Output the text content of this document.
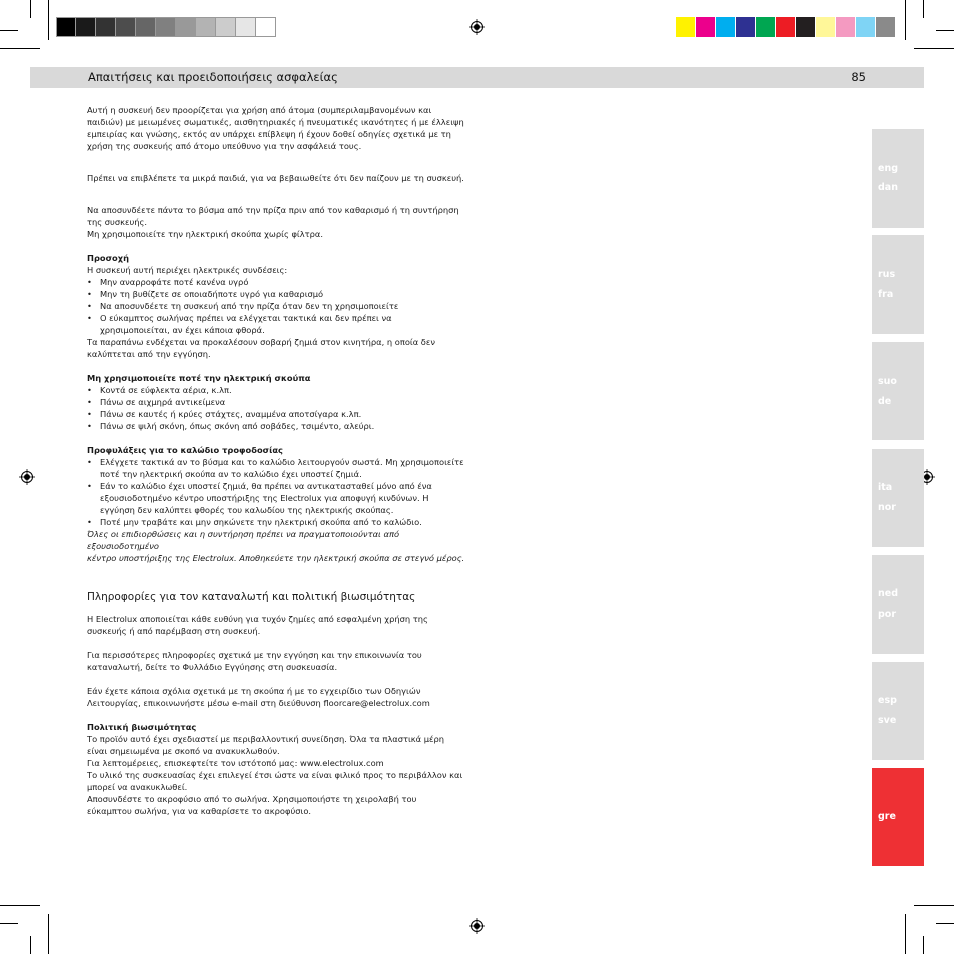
Απαιτήσεις και προειδοποιήσεις ασφαλείας	85

Αυτή η συσκευή δεν προορίζεται για χρήση από άτομα (συμπεριλαμβανομένων και

παιδιών) με μειωμένες σωματικές, αισθητηριακές ή πνευματικές ικανότητες ή με έλλειψη

εμπειρίας και γνώσης, εκτός αν υπάρχει επίβλεψη ή έχουν δοθεί οδηγίες σχετικά με τη

χρήση της συσκευής από άτομο υπεύθυνο για την ασφάλειά τους.

Πρέπει να επιβλέπετε τα μικρά παιδιά, για να βεβαιωθείτε ότι δεν παίζουν με τη συσκευή.

Να αποσυνδέετε πάντα το βύσμα από την πρίζα πριν από τον καθαρισμό ή τη συντήρηση

της συσκευής.

Μη χρησιμοποιείτε την ηλεκτρική σκούπα χωρίς φίλτρα.

Προσοχή

Η συσκευή αυτή περιέχει ηλεκτρικές συνδέσεις:

• Μην αναρροφάτε ποτέ κανένα υγρό
• Μην τη βυθίζετε σε οποιαδήποτε υγρό για καθαρισμό
• Να αποσυνδέετε τη συσκευή από την πρίζα όταν δεν τη χρησιμοποιείτε
• Ο εύκαμπτος σωλήνας πρέπει να ελέγχεται τακτικά και δεν πρέπει να
χρησιμοποιείται, αν έχει κάποια φθορά.

Τα παραπάνω ενδέχεται να προκαλέσουν σοβαρή ζημιά στον κινητήρα, η οποία δεν

καλύπτεται από την εγγύηση.

Μη χρησιμοποιείτε ποτέ την ηλεκτρική σκούπα

• Κοντά σε εύφλεκτα αέρια, κ.λπ.
• Πάνω σε αιχμηρά αντικείμενα
• Πάνω σε καυτές ή κρύες στάχτες, αναμμένα αποτσίγαρα κ.λπ.
• Πάνω σε ψιλή σκόνη, όπως σκόνη από σοβάδες, τσιμέντο, αλεύρι.

Προφυλάξεις για το καλώδιο τροφοδοσίας

• Ελέγχετε τακτικά αν το βύσμα και το καλώδιο λειτουργούν σωστά. Μη χρησιμοποιείτε
ποτέ την ηλεκτρική σκούπα αν το καλώδιο έχει υποστεί ζημιά.
• Εάν το καλώδιο έχει υποστεί ζημιά, θα πρέπει να αντικατασταθεί μόνο από ένα
εξουσιοδοτημένο κέντρο υποστήριξης της Electrolux για αποφυγή κινδύνων. Η
εγγύηση δεν καλύπτει φθορές του καλωδίου της ηλεκτρικής σκούπας.
• Ποτέ μην τραβάτε και μην σηκώνετε την ηλεκτρική σκούπα από το καλώδιο.

Όλες οι επιδιορθώσεις και η συντήρηση πρέπει να πραγματοποιούνται από εξουσιοδοτημένο

κέντρο υποστήριξης της Electrolux. Αποθηκεύετε την ηλεκτρική σκούπα σε στεγνό μέρος.

Πληροφορίες για τον καταναλωτή και πολιτική βιωσιμότητας

Η Electrolux αποποιείται κάθε ευθύνη για τυχόν ζημίες από εσφαλμένη χρήση της

συσκευής ή από παρέμβαση στη συσκευή.

Για περισσότερες πληροφορίες σχετικά με την εγγύηση και την επικοινωνία του

καταναλωτή, δείτε το Φυλλάδιο Εγγύησης στη συσκευασία.

Εάν έχετε κάποια σχόλια σχετικά με τη σκούπα ή με το εγχειρίδιο των Οδηγιών

Λειτουργίας, επικοινωνήστε μέσω e-mail στη διεύθυνση floorcare@electrolux.com

Πολιτική βιωσιμότητας

Το προϊόν αυτό έχει σχεδιαστεί με περιβαλλοντική συνείδηση. Όλα τα πλαστικά μέρη

είναι σημειωμένα με σκοπό να ανακυκλωθούν.

Για λεπτομέρειες, επισκεφτείτε τον ιστότοπό μας: www.electrolux.com

Το υλικό της συσκευασίας έχει επιλεγεί έτσι ώστε να είναι φιλικό προς το περιβάλλον και

μπορεί να ανακυκλωθεί.

Αποσυνδέστε το ακροφύσιο από το σωλήνα. Χρησιμοποιήστε τη χειρολαβή του

εύκαμπτου σωλήνα, για να καθαρίσετε το ακροφύσιο.

eng
dan
rus
fra
suo
de
ita
nor
ned
por
esp
sve
gre
